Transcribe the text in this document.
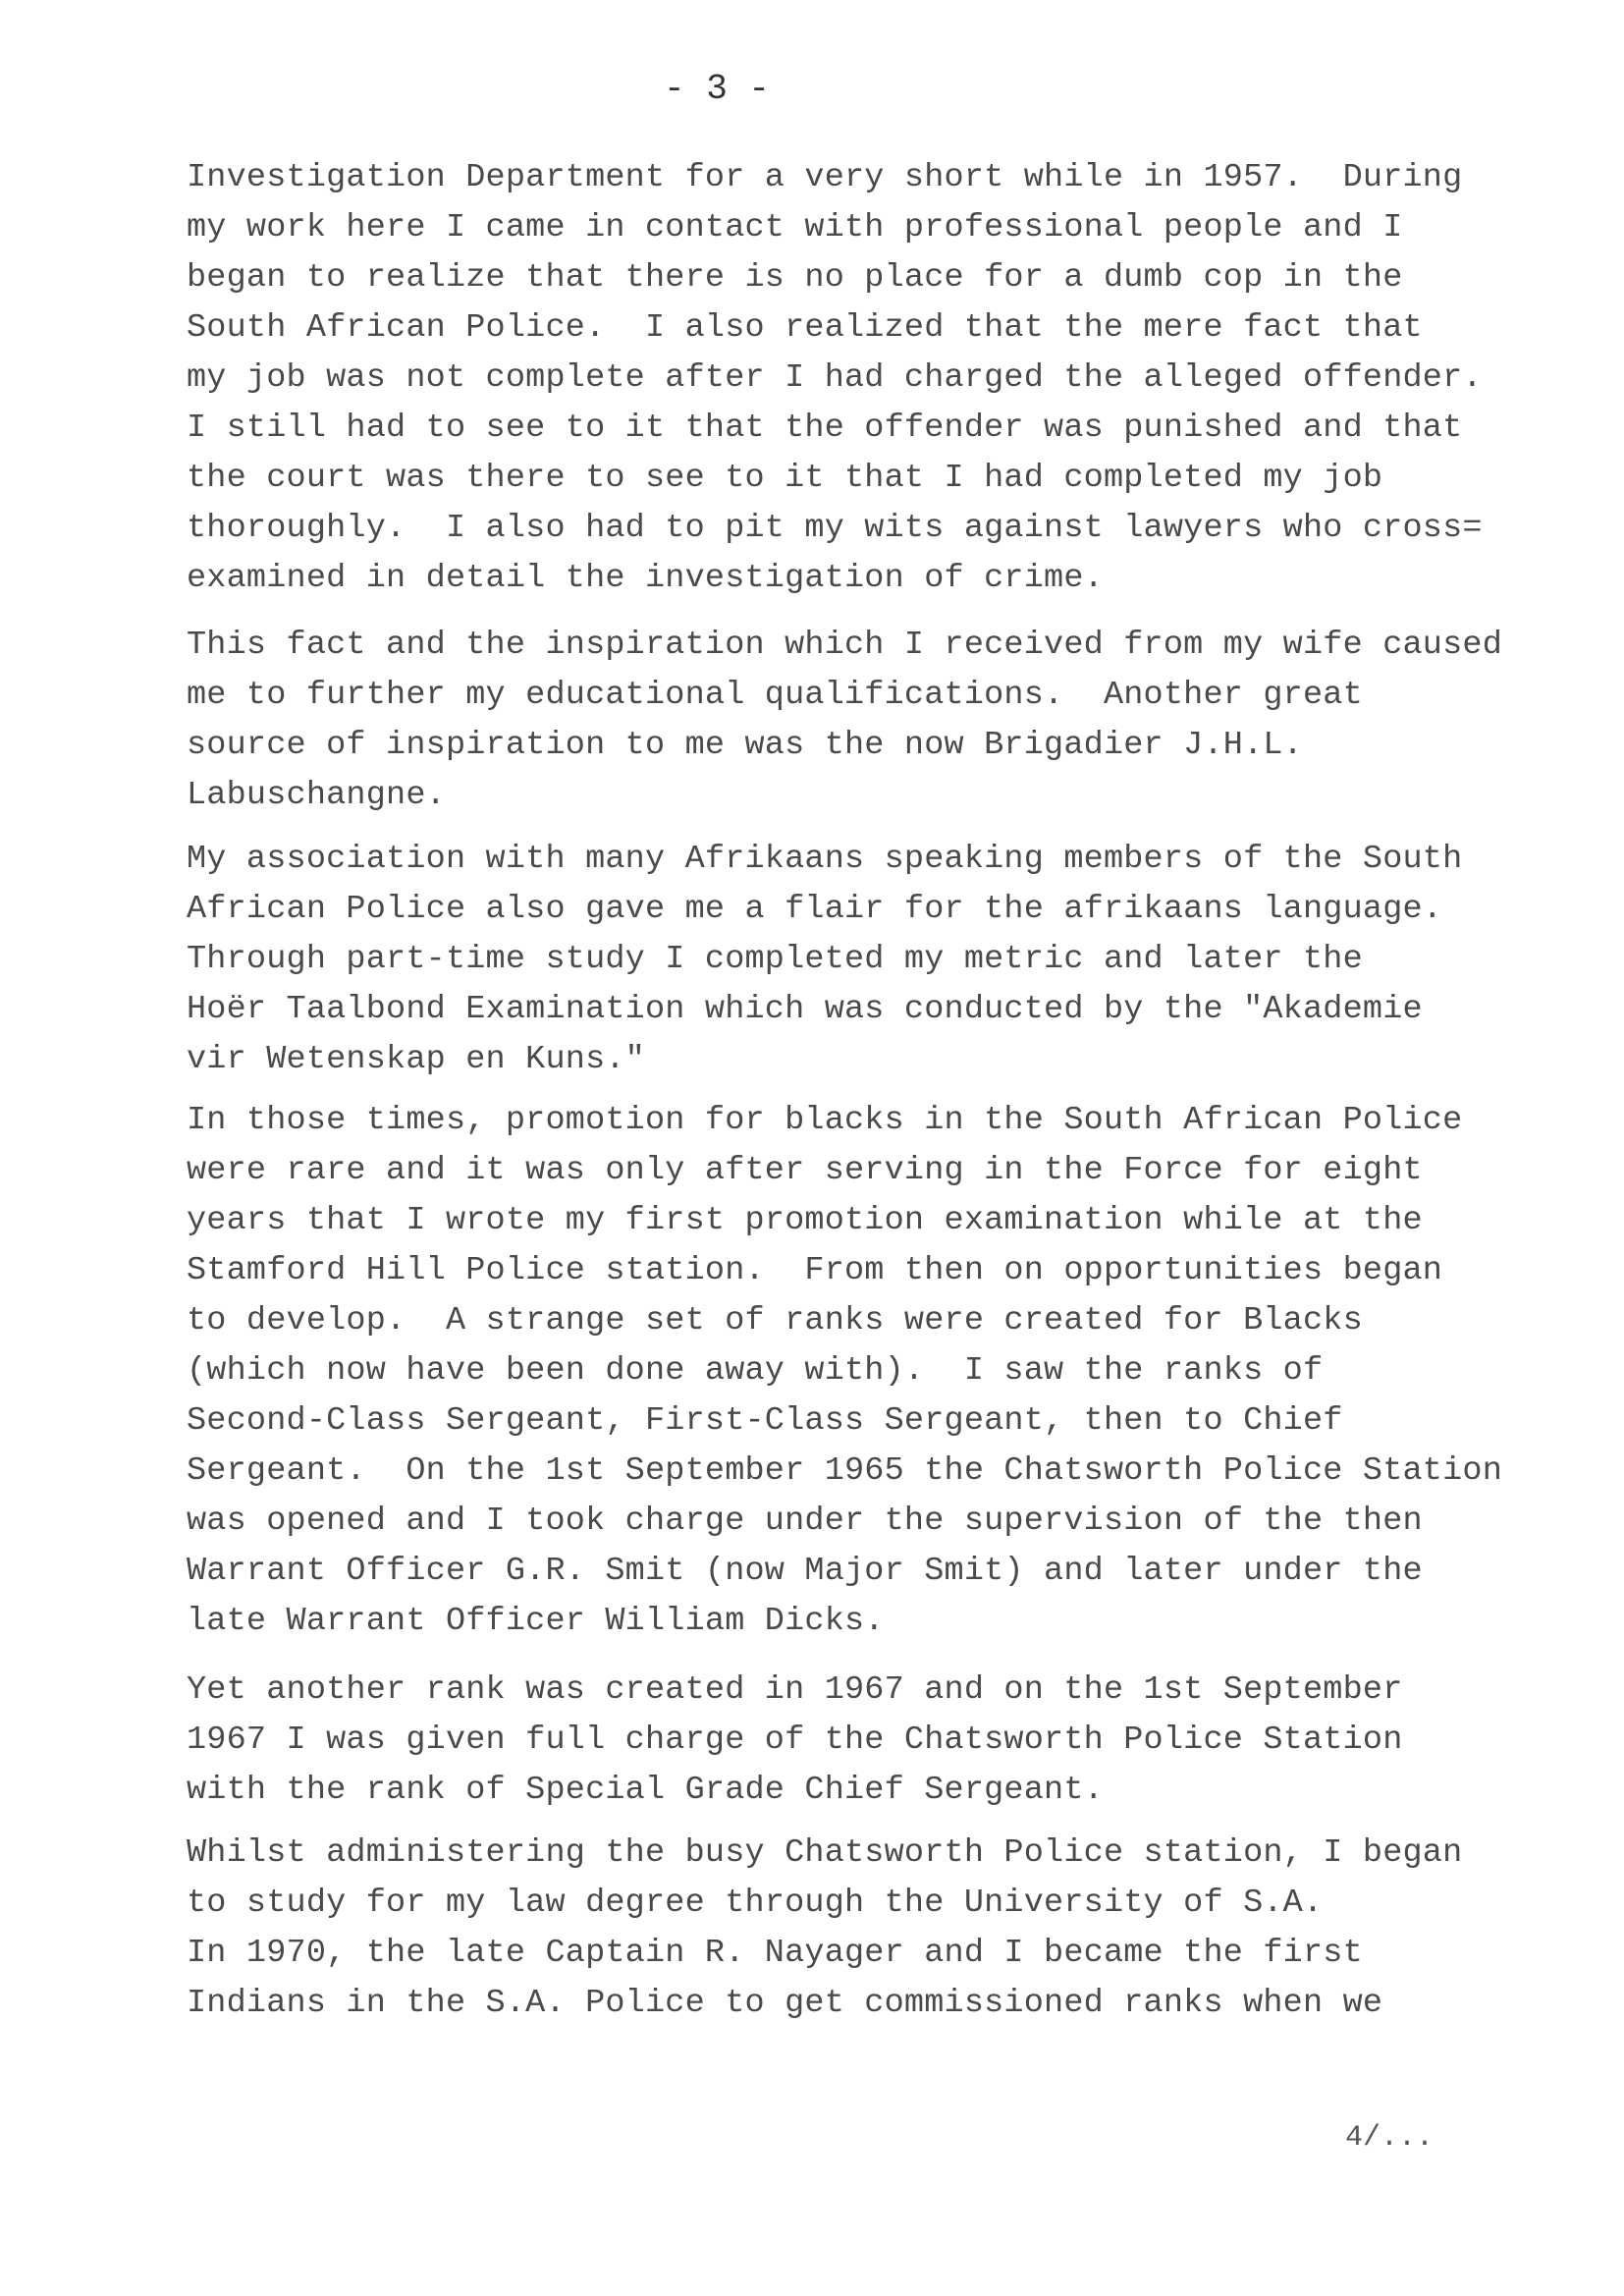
- 3 -
Investigation Department for a very short while in 1957.  During
my work here I came in contact with professional people and I
began to realize that there is no place for a dumb cop in the
South African Police.  I also realized that the mere fact that
my job was not complete after I had charged the alleged offender.
I still had to see to it that the offender was punished and that
the court was there to see to it that I had completed my job
thoroughly.  I also had to pit my wits against lawyers who cross=
examined in detail the investigation of crime.
This fact and the inspiration which I received from my wife caused
me to further my educational qualifications.  Another great
source of inspiration to me was the now Brigadier J.H.L.
Labuschangne.
My association with many Afrikaans speaking members of the South
African Police also gave me a flair for the afrikaans language.
Through part-time study I completed my metric and later the
Hoër Taalbond Examination which was conducted by the "Akademie
vir Wetenskap en Kuns."
In those times, promotion for blacks in the South African Police
were rare and it was only after serving in the Force for eight
years that I wrote my first promotion examination while at the
Stamford Hill Police station.  From then on opportunities began
to develop.  A strange set of ranks were created for Blacks
(which now have been done away with).  I saw the ranks of
Second-Class Sergeant, First-Class Sergeant, then to Chief
Sergeant.  On the 1st September 1965 the Chatsworth Police Station
was opened and I took charge under the supervision of the then
Warrant Officer G.R. Smit (now Major Smit) and later under the
late Warrant Officer William Dicks.
Yet another rank was created in 1967 and on the 1st September
1967 I was given full charge of the Chatsworth Police Station
with the rank of Special Grade Chief Sergeant.
Whilst administering the busy Chatsworth Police station, I began
to study for my law degree through the University of S.A.
In 1970, the late Captain R. Nayager and I became the first
Indians in the S.A. Police to get commissioned ranks when we
4/...
